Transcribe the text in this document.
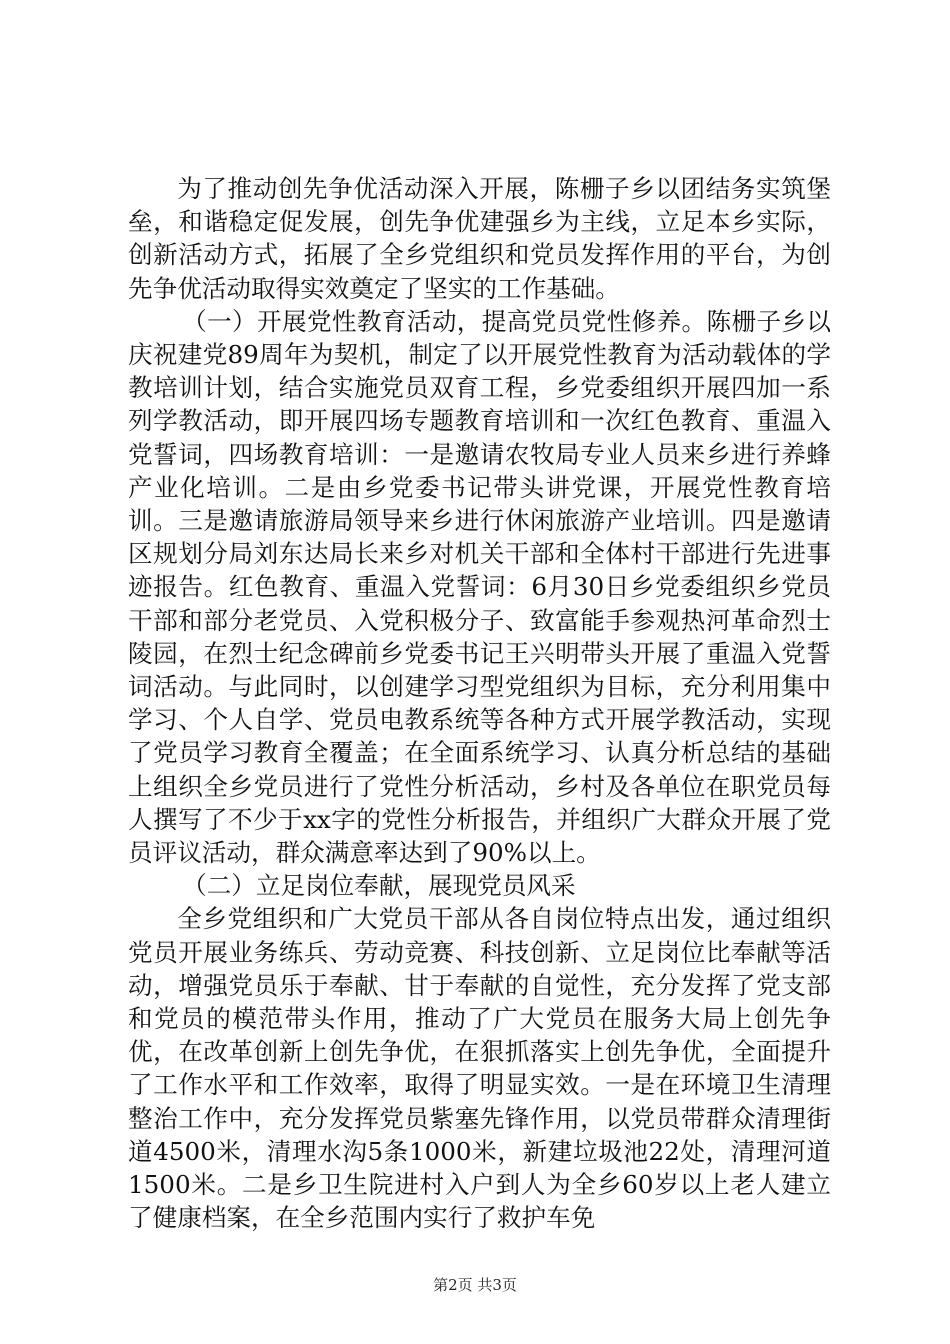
为了推动创先争优活动深入开展，陈栅子乡以团结务实筑堡垒，和谐稳定促发展，创先争优建强乡为主线，立足本乡实际，创新活动方式，拓展了全乡党组织和党员发挥作用的平台，为创先争优活动取得实效奠定了坚实的工作基础。

（一）开展党性教育活动，提高党员党性修养。陈栅子乡以庆祝建党89周年为契机，制定了以开展党性教育为活动载体的学教培训计划，结合实施党员双育工程，乡党委组织开展四加一系列学教活动，即开展四场专题教育培训和一次红色教育、重温入党誓词，四场教育培训：一是邀请农牧局专业人员来乡进行养蜂产业化培训。二是由乡党委书记带头讲党课，开展党性教育培训。三是邀请旅游局领导来乡进行休闲旅游产业培训。四是邀请区规划分局刘东达局长来乡对机关干部和全体村干部进行先进事迹报告。红色教育、重温入党誓词：6月30日乡党委组织乡党员干部和部分老党员、入党积极分子、致富能手参观热河革命烈士陵园，在烈士纪念碑前乡党委书记王兴明带头开展了重温入党誓词活动。与此同时，以创建学习型党组织为目标，充分利用集中学习、个人自学、党员电教系统等各种方式开展学教活动，实现了党员学习教育全覆盖；在全面系统学习、认真分析总结的基础上组织全乡党员进行了党性分析活动，乡村及各单位在职党员每人撰写了不少于xx字的党性分析报告，并组织广大群众开展了党员评议活动，群众满意率达到了90%以上。

（二）立足岗位奉献，展现党员风采

全乡党组织和广大党员干部从各自岗位特点出发，通过组织党员开展业务练兵、劳动竞赛、科技创新、立足岗位比奉献等活动，增强党员乐于奉献、甘于奉献的自觉性，充分发挥了党支部和党员的模范带头作用，推动了广大党员在服务大局上创先争优，在改革创新上创先争优，在狠抓落实上创先争优，全面提升了工作水平和工作效率，取得了明显实效。一是在环境卫生清理整治工作中，充分发挥党员紫塞先锋作用，以党员带群众清理街道4500米，清理水沟5条1000米，新建垃圾池22处，清理河道1500米。二是乡卫生院进村入户到人为全乡60岁以上老人建立了健康档案，在全乡范围内实行了救护车免

第2页 共3页
